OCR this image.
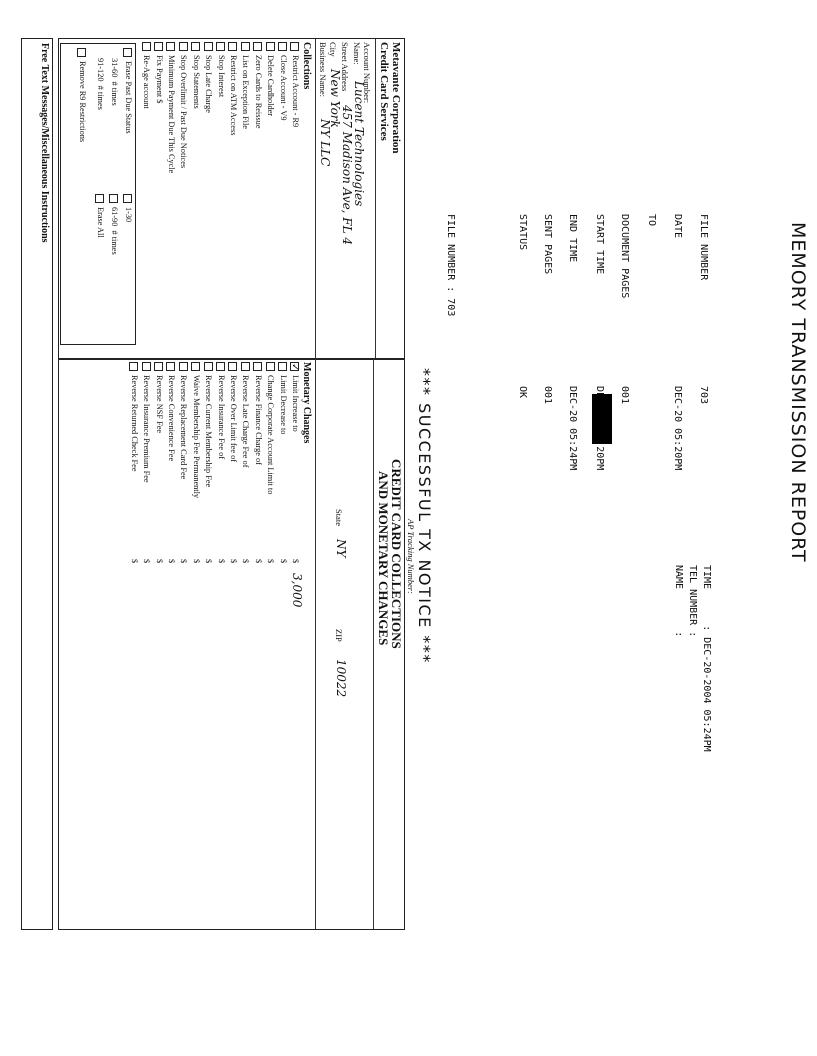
MEMORY TRANSMISSION REPORT
FILE NUMBER
703
DATE
DEC-20 05:20PM
TO
DOCUMENT PAGES
001
START TIME
END TIME
DEC-20 05:24PM
SENT PAGES
001
STATUS
OK
TIME      : DEC-20-2004 05:24PM
TEL NUMBER :
NAME       :
FILE NUMBER : 703
*** SUCCESSFUL TX NOTICE ***
Metavante Corporation
Credit Card Services
Account Number:
Name:
Lucent Technologies
Street Address
457 Madison Ave, FL 4
City
New York
Business Name:
NY LLC
Collections
Restrict Account - R9
Close Account - V9
Delete Cardholder
Zero Cards to Reissue
List on Exception File
Restrict on ATM Access
Stop Interest
Stop Late Charge
Stop Statements
Stop Overlimit / Past Due Notices
Minimum Payment Due This Cycle
Fix Payment $
Re-Age account
Erase Past Due Status
1-30
31-60  # times
61-90  # times
91-120  # times
Erase All
Remove R9 Restrictions
AP Tracking Number:
CREDIT CARD COLLECTIONS
AND MONETARY CHANGES
State
NY
ZIP
10022
Monetary Changes
✓Limit Increase to
$
3,000
Limit Decrease to
$
Change Corporate Account Limit to
$
Reverse Finance Charge of
$
Reverse Late Charge Fee of
$
Reverse Over Limit fee of
$
Reverse Insurance Fee of
$
Reverse Current Membership Fee
$
Waive Membership Fee Permanently
$
Reverse Replacement Card Fee
$
Reverse Convenience Fee
$
Reverse NSF Fee
$
Reverse Insurance Premium Fee
$
Reverse Returned Check Fee
$
Free Text Messages/Miscellaneous Instructions
